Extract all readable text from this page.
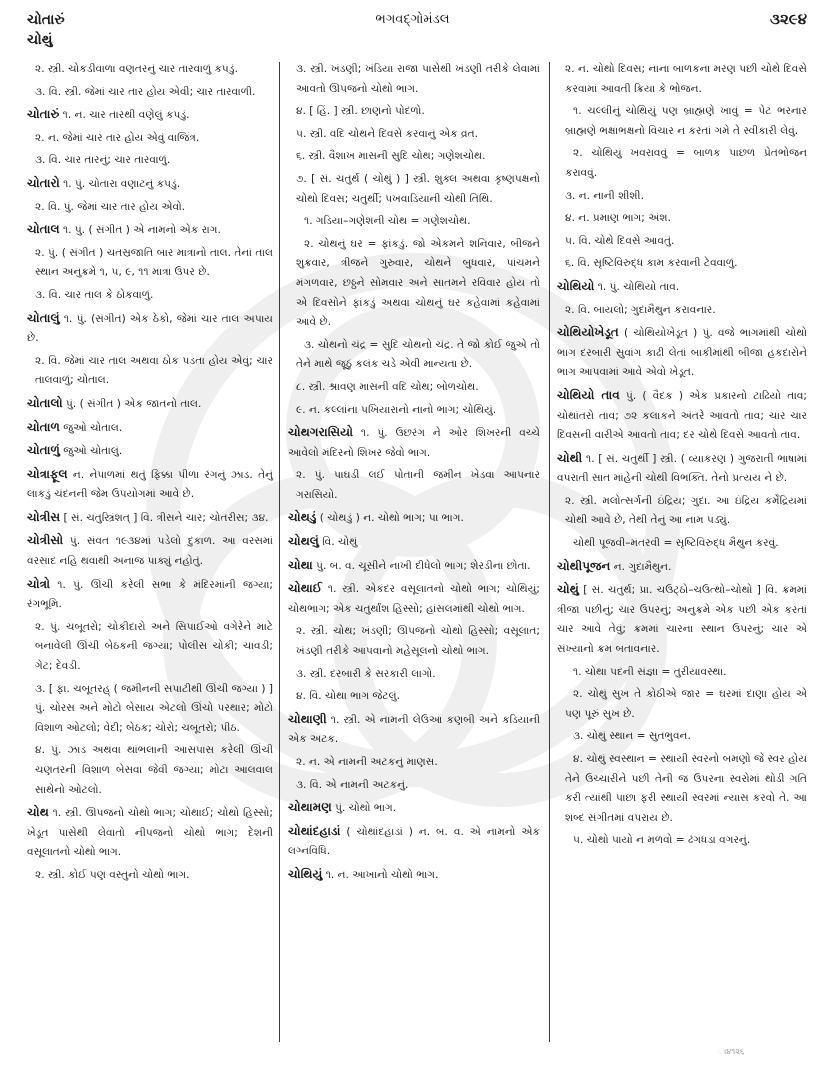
ચોતારું
ચોથું
ભગવદ્ગોમંડલ	૩૨૯૪
૨. સ્ત્રી. ચોકડીવાળા વણતરનું ચાર તારવાળું કપડું.
૩. વિ. સ્ત્રી. જેમાં ચાર તાર હોય એવી; ચાર તારવાળી.
ચોતારું ૧. ન. ચાર તારથી વણેલું કપડું.
૨. ન. જેમાં ચાર તાર હોય એવું વાજિંત્ર.
૩. વિ. ચાર તારનું; ચાર તારવાળું.
ચોતારો ૧. પું. ચોતારા વણાટનું કપડું.
૨. વિ. પું. જેમાં ચાર તાર હોય એવો.
ચોતાલ ૧. પું. ( સંગીત ) એ નામનો એક રાગ.
૨. પું. ( સંગીત ) ચતસ્રજાતિ બાર માત્રાનો તાલ. તેનાં તાલ સ્થાન અનુક્રમે ૧, ૫, ૯, ૧૧ માત્રા ઉપર છે.
૩. વિ. ચાર તાલ કે ઠોકવાળું.
ચોતાલું ૧. પું. (સંગીત) એક ઠેકો, જેમાં ચાર તાલ અપાય છે.
૨. વિ. જેમાં ચાર તાલ અથવા ઠોક પડતા હોય એવું; ચાર તાલવાળું; ચોતાલ.
ચોતાલો પું. ( સંગીત ) એક જાતનો તાલ.
ચોતાળ જુઓ ચોતાલ.
ચોતાળું જુઓ ચોતાલું.
ચોત્રાફૂલ ન. નેપાળમાં થતું ફિક્કા પીળા રંગનું ઝાડ. તેનું લાકડું ચંદનની જેમ ઉપયોગમાં આવે છે.
ચોત્રીસ [ સં. ચતુસ્ત્રિંશત્ ] વિ. ત્રીસને ચાર; ચોતરીસ; ૩૪.
ચોત્રીસો પું. સંવત ૧૯૩૪માં પડેલો દુકાળ. આ વરસમાં વરસાદ નહિ થવાથી અનાજ પાક્યું નહોતું.
ચોત્રો ૧. પું. ઊંચી કરેલી સભા કે મંદિરમાંની જગ્યા; રંગભૂમિ.
૨. પું. ચબૂતરો; ચોકીદારો અને સિપાઈઓ વગેરેને માટે બનાવેલી ઊંચી બેઠકની જગ્યા; પોલીસ ચોકી; ચાવડી; ગેટ; દેવડી.
૩. [ ફા. ચબૂતરહ્ ( જમીનની સપાટીથી ઊંચી જગ્યા ) ] પું. ચોરસ અને મોટો બેસાય એટલો ઊંચો પરથાર; મોટો વિશાળ ઓટલો; વેદી; બેઠક; ચોરો; ચબૂતરો; પીઠ.
૪. પું. ઝાડ અથવા થાંભલાની આસપાસ કરેલી ઊંચી ચણતરની વિશાળ બેસવા જેવી જગ્યા; મોટા આલવાલ સાથેનો ઓટલો.
ચોથ ૧. સ્ત્રી. ઊપજનો ચોથો ભાગ; ચોથાઈ; ચોથો હિસ્સો; ખેડૂત પાસેથી લેવાતો નીપજનો ચોથો ભાગ; દેશની વસૂલાતનો ચોથો ભાગ.
૨. સ્ત્રી. કોઈ પણ વસ્તુનો ચોથો ભાગ.
૩. સ્ત્રી. ખંડણી; ખંડિયા રાજા પાસેથી ખંડણી તરીકે લેવામાં આવતો ઊપજનો ચોથો ભાગ.
૪. [ હિં. ] સ્ત્રી. છાણનો પોદળો.
૫. સ્ત્રી. વદિ ચોથને દિવસે કરવાનું એક વ્રત.
૬. સ્ત્રી. વૈશાખ માસની સુદિ ચોથ; ગણેશચોથ.
૭. [ સં. ચતુર્થ ( ચોથું ) ] સ્ત્રી. શુક્લ અથવા કૃષ્ણપક્ષનો ચોથો દિવસ; ચતુર્થી; પખવાડિયાની ચોથી તિથિ.
૧. ગડિયા–ગણેશની ચોથ = ગણેશચોથ.
૨. ચોથનું ઘર = ફાંકડું. જો એકમને શનિવાર, બીજને શુક્રવાર, ત્રીજને ગુરુવાર, ચોથને બુધવાર, પાંચમને મંગળવાર, છઠ્ઠને સોમવાર અને સાતમને રવિવાર હોય તો એ દિવસોને ફાંકડું અથવા ચોથનું ઘર કહેવામાં કહેવામાં આવે છે.
૩. ચોથનો ચંદ્ર = સુદિ ચોથનો ચંદ્ર. તે જો કોઈ જુએ તો તેને માથે જૂઠું કલંક ચડે એવી માન્યતા છે.
૮. સ્ત્રી. શ્રાવણ માસની વદિ ચોથ; બોળચોથ.
૯. ન. કલ્લાંના પખિયારાનો નાનો ભાગ; ચોથિયું.
ચોથગરાસિયો ૧. પું. ઉછરંગ ને ઓર શિખરની વચ્ચે આવેલો મંદિરનો શિખર જેવો ભાગ.
૨. પું. પાઘડી લઈ પોતાની જમીન ખેડવા આપનાર ગરાસિયો.
ચોથડું ( ચોથડું ) ન. ચોથો ભાગ; પા ભાગ.
ચોથલું વિ. ચોથું
ચોથા પું. બ. વ. ચૂસીને નાખી દીધેલો ભાગ; શેરડીના છોતા.
ચોથાઈ ૧. સ્ત્રી. એકંદર વસૂલાતનો ચોથો ભાગ; ચોથિયું; ચોથભાગ; એક ચતુર્થાંશ હિસ્સો; હાંસલમાંથી ચોથો ભાગ.
૨. સ્ત્રી. ચોથ; ખંડણી; ઊપજનો ચોથો હિસ્સો; વસૂલાત; ખંડણી તરીકે આપવાનો મહેસૂલનો ચોથો ભાગ.
૩. સ્ત્રી. દરબારી કે સરકારી લાગો.
૪. વિ. ચોથા ભાગ જેટલું.
ચોથાણી ૧. સ્ત્રી. એ નામની લેઉઆ કણબી અને કડિયાની એક અટક.
૨. ન. એ નામની અટકનું માણસ.
૩. વિ. એ નામની અટકનું.
ચોથામણ પું. ચોથો ભાગ.
ચોથાંદહાડાં ( ચોથાંદહાડાં ) ન. બ. વ. એ નામનો એક લગ્નવિધિ.
ચોથિયું ૧. ન. આખાનો ચોથો ભાગ.
૨. ન. ચોથો દિવસ; નાના બાળકના મરણ પછી ચોથે દિવસે કરવામાં આવતી ક્રિયા કે ભોજન.
૧. ચલ્લીનું ચોથિયું પણ બ્રાહ્મણે ખાવું = પેટ ભરનાર બ્રાહ્મણે ભક્ષાભક્ષનો વિચાર ન કરતાં ગમે તે સ્વીકારી લેવું.
૨. ચોથિયું ખવરાવવું = બાળક પાછળ પ્રેતભોજન કરાવવું.
૩. ન. નાની શીશી.
૪. ન. પ્રમાણ ભાગ; અંશ.
૫. વિ. ચોથે દિવસે આવતું.
૬. વિ. સૃષ્ટિવિરુદ્ધ કામ કરવાની ટેવવાળું.
ચોથિયો ૧. પું. ચોથિયો તાવ.
૨. વિ. બાયલો; ગુદામૈથુન કરાવનાર.
ચોથિયોખેડૂત ( ચોથિયોખેડૂત ) પું. વજે ભાગમાંથી ચોથો ભાગ દરબારી સુવાંગ કાઢી લેતાં બાકીમાંથી બીજા હકદારોને ભાગ આપવામાં આવે એવો ખેડૂત.
ચોથિયો તાવ પું. ( વૈદક ) એક પ્રકારનો ટાઢિયો તાવ; ચોથાંતરો તાવ; ૭૨ કલાકને અંતરે આવતો તાવ; ચાર ચાર દિવસની વારીએ આવતો તાવ; દર ચોથે દિવસે આવતો તાવ.
ચોથી ૧. [ સં. ચતુર્થી ] સ્ત્રી. ( વ્યાકરણ ) ગુજરાતી ભાષામાં વપરાતી સાત માંહેની ચોથી વિભક્તિ. તેનો પ્રત્યય ને છે.
૨. સ્ત્રી. મલોત્સર્ગની ઇંદ્રિય; ગુદા. આ ઇંદ્રિય કર્મેંદ્રિયમાં ચોથી આવે છે, તેથી તેનું આ નામ પડ્યું.
ચોથી પૂજવી–મંતરવી = સૃષ્ટિવિરુદ્ધ મૈથુન કરવું.
ચોથીપૂજન ન. ગુદામૈથુન.
ચોથું [ સં. ચતુર્થ; પ્રા. ચઉટ્ઠો–ચઉત્થો–ચોથો ] વિ. ક્રમમાં ત્રીજા પછીનું; ચાર ઉપરનું; અનુક્રમે એક પછી એક કરતાં ચાર આવે તેવું; ક્રમમાં ચારના સ્થાન ઉપરનું; ચાર એ સંખ્યાનો ક્રમ બતાવનાર.
૧. ચોથા પદની સંજ્ઞા = તુરીયાવસ્થા.
૨. ચોથું સુખ તે કોઠીએ જાર = ઘરમાં દાણા હોય એ પણ પૂરું સુખ છે.
૩. ચોથું સ્થાન = સુતભુવન.
૪. ચોથું સ્વસ્થાન = સ્થાયી સ્વરનો બમણો જે સ્વર હોય તેને ઉચ્ચારીને પછી તેની જ ઉપરના સ્વરોમાં થોડી ગતિ કરી ત્યાંથી પાછા ફરી સ્થાયી સ્વરમાં ન્યાસ કરવો તે. આ શબ્દ સંગીતમાં વપરાય છે.
૫. ચોથો પાયો ન મળવો = ઢંગધડા વગરનું.
ા૪૧૨૬
